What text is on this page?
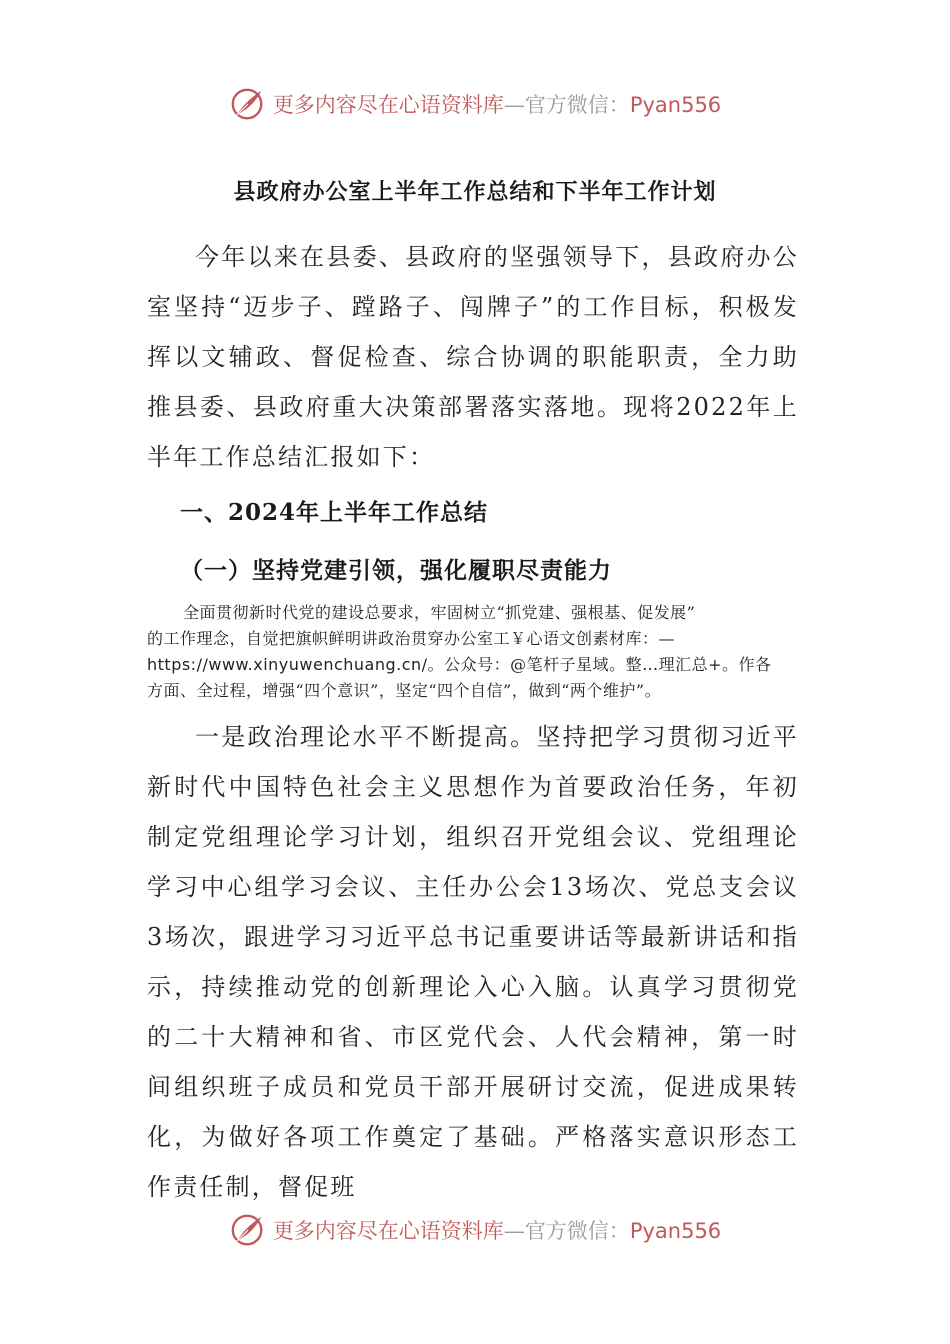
更多内容尽在心语资料库—官方微信：Pyan556
县政府办公室上半年工作总结和下半年工作计划

今年以来在县委、县政府的坚强领导下，县政府办公室坚持“迈步子、蹚路子、闯牌子”的工作目标，积极发挥以文辅政、督促检查、综合协调的职能职责，全力助推县委、县政府重大决策部署落实落地。现将2022年上半年工作总结汇报如下：

一、2024年上半年工作总结
（一）坚持党建引领，强化履职尽责能力
全面贯彻新时代党的建设总要求，牢固树立“抓党建、强根基、促发展”
的工作理念，自觉把旗帜鲜明讲政治贯穿办公室工￥心语文创素材库：—
https://www.xinyuwenchuang.cn/。公众号：@笔杆子星域。整…理汇总+。作各
方面、全过程，增强“四个意识”，坚定“四个自信”，做到“两个维护”。

一是政治理论水平不断提高。坚持把学习贯彻习近平新时代中国特色社会主义思想作为首要政治任务，年初制定党组理论学习计划，组织召开党组会议、党组理论学习中心组学习会议、主任办公会13场次、党总支会议3场次，跟进学习习近平总书记重要讲话等最新讲话和指示，持续推动党的创新理论入心入脑。认真学习贯彻党的二十大精神和省、市区党代会、人代会精神，第一时间组织班子成员和党员干部开展研讨交流，促进成果转化，为做好各项工作奠定了基础。严格落实意识形态工作责任制，督促班

更多内容尽在心语资料库—官方微信：Pyan556
